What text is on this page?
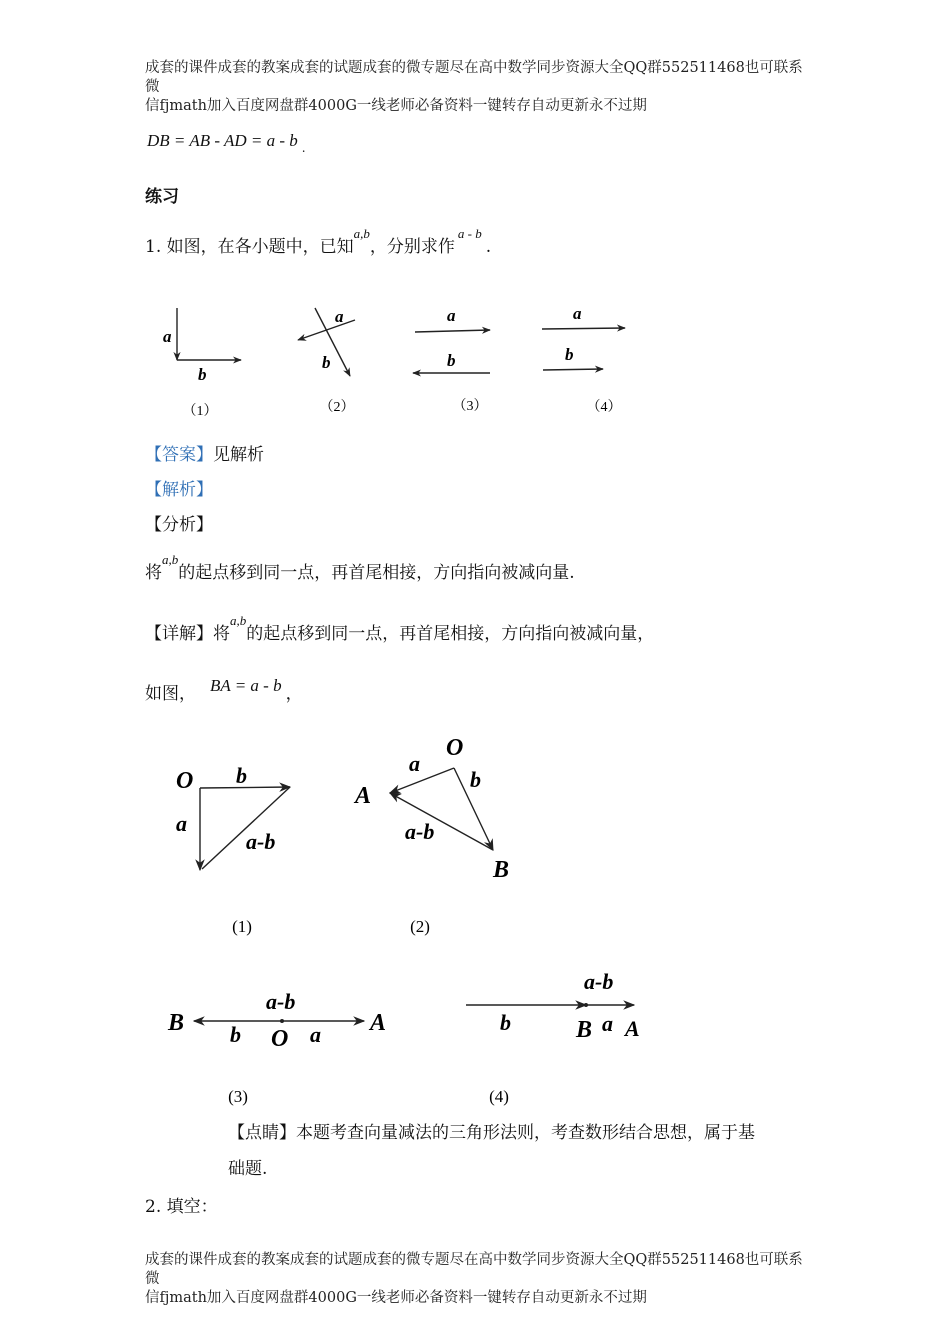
成套的课件成套的教案成套的试题成套的微专题尽在高中数学同步资源大全QQ群552511468也可联系微
信fjmath加入百度网盘群4000G一线老师必备资料一键转存自动更新永不过期
DB = AB - AD = a - b $_.$
练习
1. 如图，在各小题中，已知$^{a,b}$，分别求作$^{a - b}$.
a
b
（1）
a
b
（2）
a
b
（3）
a
b
（4）
【答案】见解析
【解析】
【分析】
将$^{a,b}$的起点移到同一点，再首尾相接，方向指向被减向量.
【详解】将$^{a,b}$的起点移到同一点，再首尾相接，方向指向被减向量，
如图， BA = a - b ，
O b
a
a-b
(1)
O
A
B
a
b
a-b
(2)
B	A
O
b	a
a-b
(3)
b	B a A
a-b
(4)
【点睛】本题考查向量减法的三角形法则，考查数形结合思想，属于基
础题.
2. 填空：
成套的课件成套的教案成套的试题成套的微专题尽在高中数学同步资源大全QQ群552511468也可联系微
信fjmath加入百度网盘群4000G一线老师必备资料一键转存自动更新永不过期
